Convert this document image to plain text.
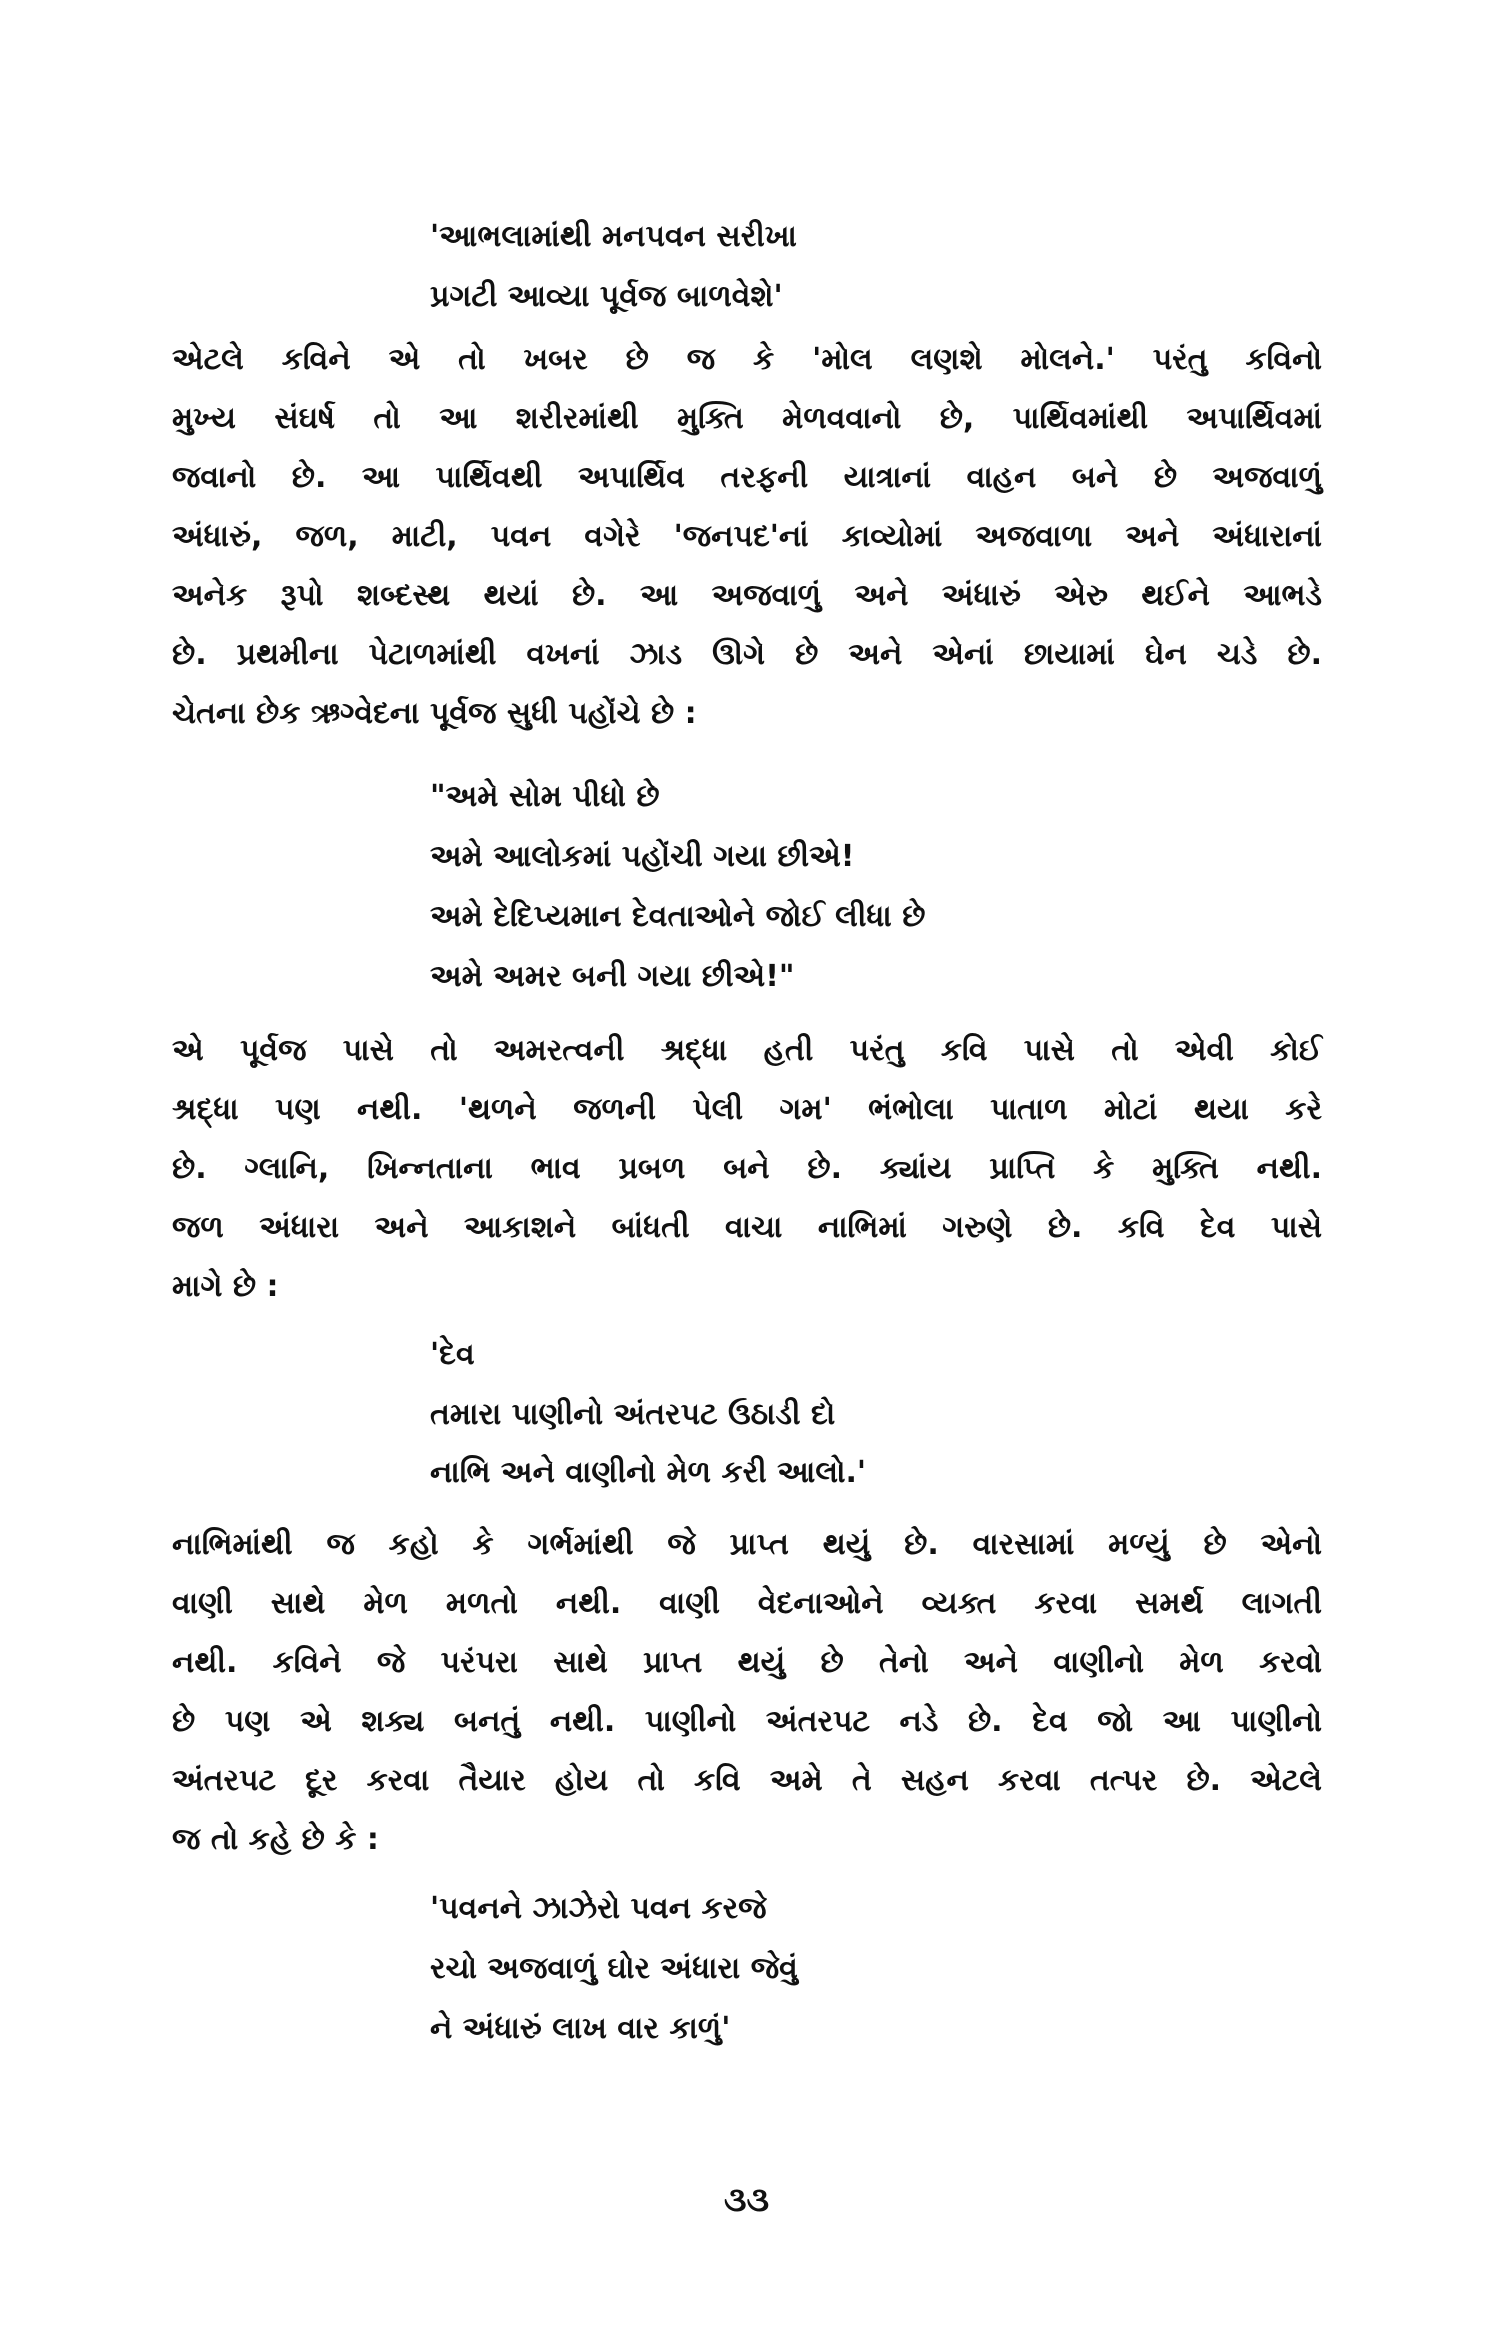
'આભલામાંથી મનપવન સરીખા
પ્રગટી આવ્યા પૂર્વજ બાળવેશે'
એટલે કવિને એ તો ખબર છે જ કે 'મોલ લણશે મોલને.' પરંતુ કવિનો
મુખ્ય સંઘર્ષ તો આ શરીરમાંથી મુક્તિ મેળવવાનો છે, પાર્થિવમાંથી અપાર્થિવમાં
જવાનો છે. આ પાર્થિવથી અપાર્થિવ તરફની યાત્રાનાં વાહન બને છે અજવાળું
અંધારું, જળ, માટી, પવન વગેરે 'જનપદ'નાં કાવ્યોમાં અજવાળા અને અંધારાનાં
અનેક રૂપો શબ્દસ્થ થયાં છે. આ અજવાળું અને અંધારું એરુ થઈને આભડે
છે. પ્રથમીના પેટાળમાંથી વખનાં ઝાડ ઊગે છે અને એનાં છાયામાં ઘેન ચડે છે.
ચેતના છેક ઋગ્વેદના પૂર્વજ સુધી પહોંચે છે :
"અમે સોમ પીધો છે
અમે આલોકમાં પહોંચી ગયા છીએ!
અમે દેદિપ્યમાન દેવતાઓને જોઈ લીધા છે
અમે અમર બની ગયા છીએ!"
એ પૂર્વજ પાસે તો અમરત્વની શ્રદ્ધા હતી પરંતુ કવિ પાસે તો એવી કોઈ
શ્રદ્ધા પણ નથી. 'થળને જળની પેલી ગમ' ભંભોલા પાતાળ મોટાં થયા કરે
છે. ગ્લાનિ, ખિન્નતાના ભાવ પ્રબળ બને છે. ક્યાંય પ્રાપ્તિ કે મુક્તિ નથી.
જળ અંધારા અને આકાશને બાંધતી વાચા નાભિમાં ગરુણે છે. કવિ દેવ પાસે
માગે છે :
'દેવ
તમારા પાણીનો અંતરપટ ઉઠાડી દો
નાભિ અને વાણીનો મેળ કરી આલો.'
નાભિમાંથી જ કહો કે ગર્ભમાંથી જે પ્રાપ્ત થયું છે. વારસામાં મળ્યું છે એનો
વાણી સાથે મેળ મળતો નથી. વાણી વેદનાઓને વ્યક્ત કરવા સમર્થ લાગતી
નથી. કવિને જે પરંપરા સાથે પ્રાપ્ત થયું છે તેનો અને વાણીનો મેળ કરવો
છે પણ એ શક્ય બનતું નથી. પાણીનો અંતરપટ નડે છે. દેવ જો આ પાણીનો
અંતરપટ દૂર કરવા તૈયાર હોય તો કવિ અમે તે સહન કરવા તત્પર છે. એટલે
જ તો કહે છે કે :
'પવનને ઝાઝેરો પવન કરજે
રચો અજવાળું ઘોર અંધારા જેવું
ને અંધારું લાખ વાર કાળું'
૩૩
